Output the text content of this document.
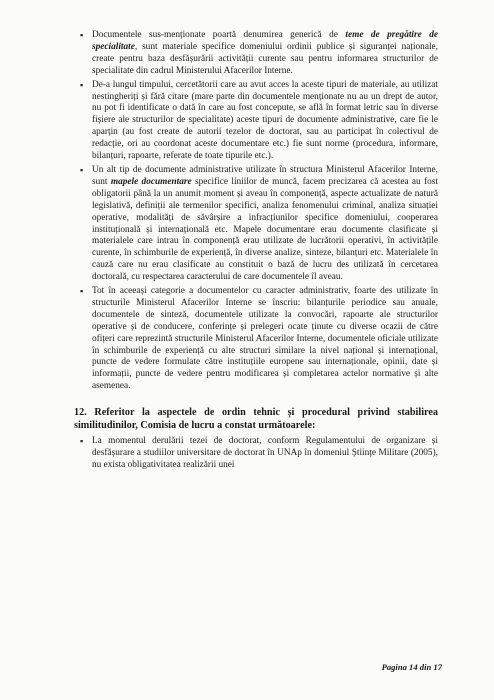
▪ Documentele sus-menționate poartă denumirea generică de teme de pregătire de specialitate, sunt materiale specifice domeniului ordinii publice și siguranței naționale, create pentru baza desfășurării activității curente sau pentru informarea structurilor de specialitate din cadrul Ministerului Afacerilor Interne.
▪ De-a lungul timpului, cercetătorii care au avut acces la aceste tipuri de materiale, au utilizat nestingheriți și fără citare (mare parte din documentele menționate nu au un drept de autor, nu pot fi identificate o dată în care au fost concepute, se află în format letric sau în diverse fișiere ale structurilor de specialitate) aceste tipuri de documente administrative, care fie le aparțin (au fost create de autorii tezelor de doctorat, sau au participat în colectivul de redacție, ori au coordonat aceste documentare etc.) fie sunt norme (procedura, informare, bilanțuri, rapoarte, referate de toate tipurile etc.).
▪ Un alt tip de documente administrative utilizate în structura Ministerul Afacerilor Interne, sunt mapele documentare specifice liniilor de muncă, facem precizarea că acestea au fost obligatorii până la un anumit moment și aveau în componență, aspecte actualizate de natură legislativă, definiții ale termenilor specifici, analiza fenomenului criminal, analiza situației operative, modalități de săvârșire a infracțiunilor specifice domeniului, cooperarea instituțională și internațională etc. Mapele documentare erau documente clasificate și materialele care intrau în componență erau utilizate de lucrătorii operativi, în activitățile curente, în schimburile de experiență, în diverse analize, sinteze, bilanțuri etc. Materialele în cauză care nu erau clasificate au constituit o bază de lucru des utilizată în cercetarea doctorală, cu respectarea caracterului de care documentele îl aveau.
▪ Tot în aceeași categorie a documentelor cu caracter administrativ, foarte des utilizate în structurile Ministerul Afacerilor Interne se înscriu: bilanțurile periodice sau anuale, documentele de sinteză, documentele utilizate la convocări, rapoarte ale structurilor operative și de conducere, conferințe și prelegeri ocate ținute cu diverse ocazii de către ofițeri care reprezintă structurile Ministerul Afacerilor Interne, documentele oficiale utilizate în schimburile de experiență cu alte structuri similare la nivel național și internațional, puncte de vedere formulate către instituțiile europene sau internaționale, opinii, date și informații, puncte de vedere pentru modificarea și completarea actelor normative și alte asemenea.
12. Referitor la aspectele de ordin tehnic și procedural privind stabilirea similitudinilor, Comisia de lucru a constat următoarele:
▪ La momentul derulării tezei de doctorat, conform Regulamentului de organizare și desfășurare a studiilor universitare de doctorat în UNAp în domeniul Științe Militare (2005), nu exista obligativitatea realizării unei
Pagina 14 din 17
